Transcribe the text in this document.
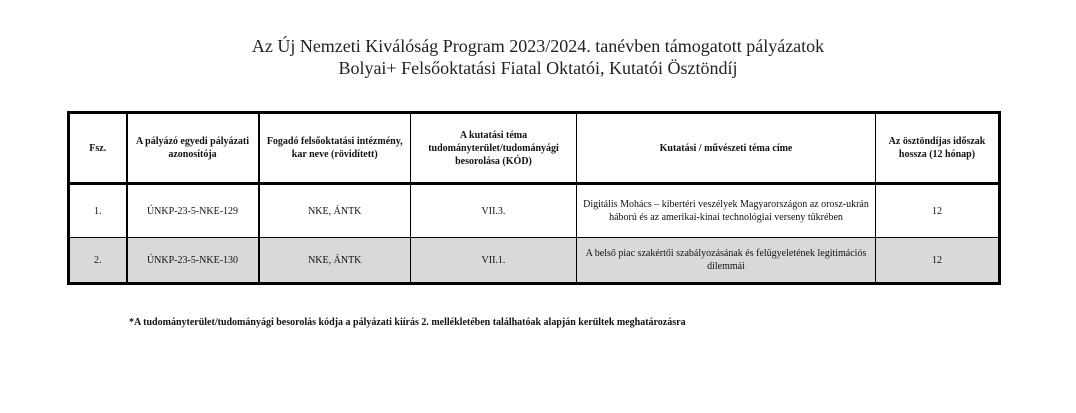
Az Új Nemzeti Kiválóság Program 2023/2024. tanévben támogatott pályázatok
Bolyai+ Felsőoktatási Fiatal Oktatói, Kutatói Ösztöndíj
Fsz.	A pályázó egyedi pályázati azonosítója	Fogadó felsőoktatási intézmény, kar neve (rövidített)	A kutatási téma tudományterület/tudományági besorolása (KÓD)	Kutatási / művészeti téma címe	Az ösztöndíjas időszak hossza (12 hónap)
1.	ÚNKP-23-5-NKE-129	NKE, ÁNTK	VII.3.	Digitális Mohács – kibertéri veszélyek Magyarországon az orosz-ukrán háború és az amerikai-kínai technológiai verseny tükrében	12
2.	ÚNKP-23-5-NKE-130	NKE, ÁNTK	VII.1.	A belső piac szakértői szabályozásának és felügyeletének legitimációs dilemmái	12
*A tudományterület/tudományági besorolás kódja a pályázati kiírás 2. mellékletében találhatóak alapján kerültek meghatározásra
